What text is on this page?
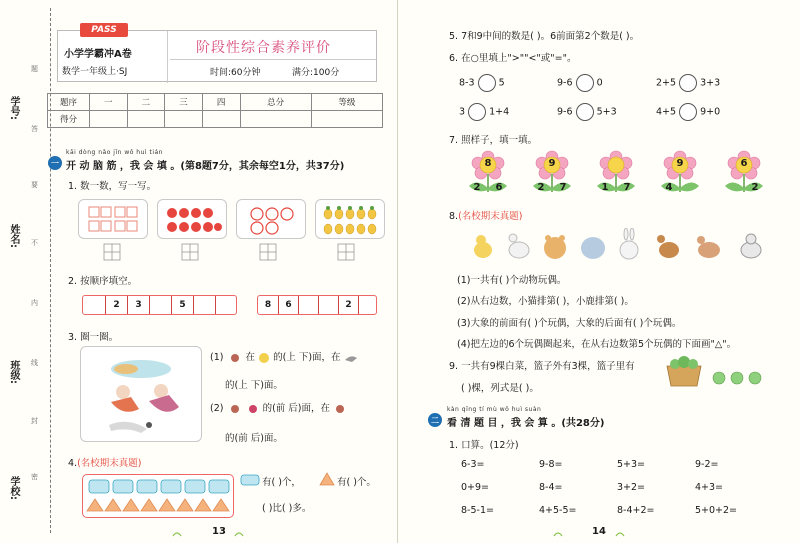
学号:
姓名:
班级:
学校:
题
答
要
不
内
线
封
密
PASS
小学学霸冲A卷
数学一年级上·SJ
阶段性综合素养评价
时间:60分钟	满分:100分
题序	一	二	三	四	总分	等级
得分						
一
kāi dòng nǎo jīn wǒ huì tián
开 动 脑 筋 ，我 会 填 。(第8题7分，其余每空1分，共37分)
1. 数一数，写一写。
2. 按顺序填空。
2	3	5	8	6	2
3. 圈一圈。
(1) 在 的(上 下)面，在
的(上 下)面。
(2)	的(前 后)面，在
的(前 后)面。
4.(名校期末真题)
有( )个，	有( )个。
( )比( )多。
13
5. 7和9中间的数是( )。6前面第2个数是( )。
6. 在○里填上">""<"或"="。
8-3	5	9-6	0	2+5	3+3
3	1+4	9-6	5+3	4+5	9+0
7. 照样子，填一填。
8
2 6
9
2 7	1 7
9
4
6
2
8.(名校期末真题)
(1)一共有( )个动物玩偶。
(2)从右边数，小猫排第( )，小鹿排第( )。
(3)大象的前面有( )个玩偶，大象的后面有( )个玩偶。
(4)把左边的6个玩偶圈起来，在从右边数第5个玩偶的下面画"△"。
9. 一共有9棵白菜，篮子外有3棵，篮子里有
( )棵，列式是( )。
二
kàn qīng tí mù wǒ huì suàn
看 清 题 目 ，我 会 算 。(共28分)
1. 口算。(12分)
6-3=	9-8=	5+3=	9-2=
0+9=	8-4=	3+2=	4+3=
8-5-1=	4+5-5=	8-4+2=	5+0+2=
14
